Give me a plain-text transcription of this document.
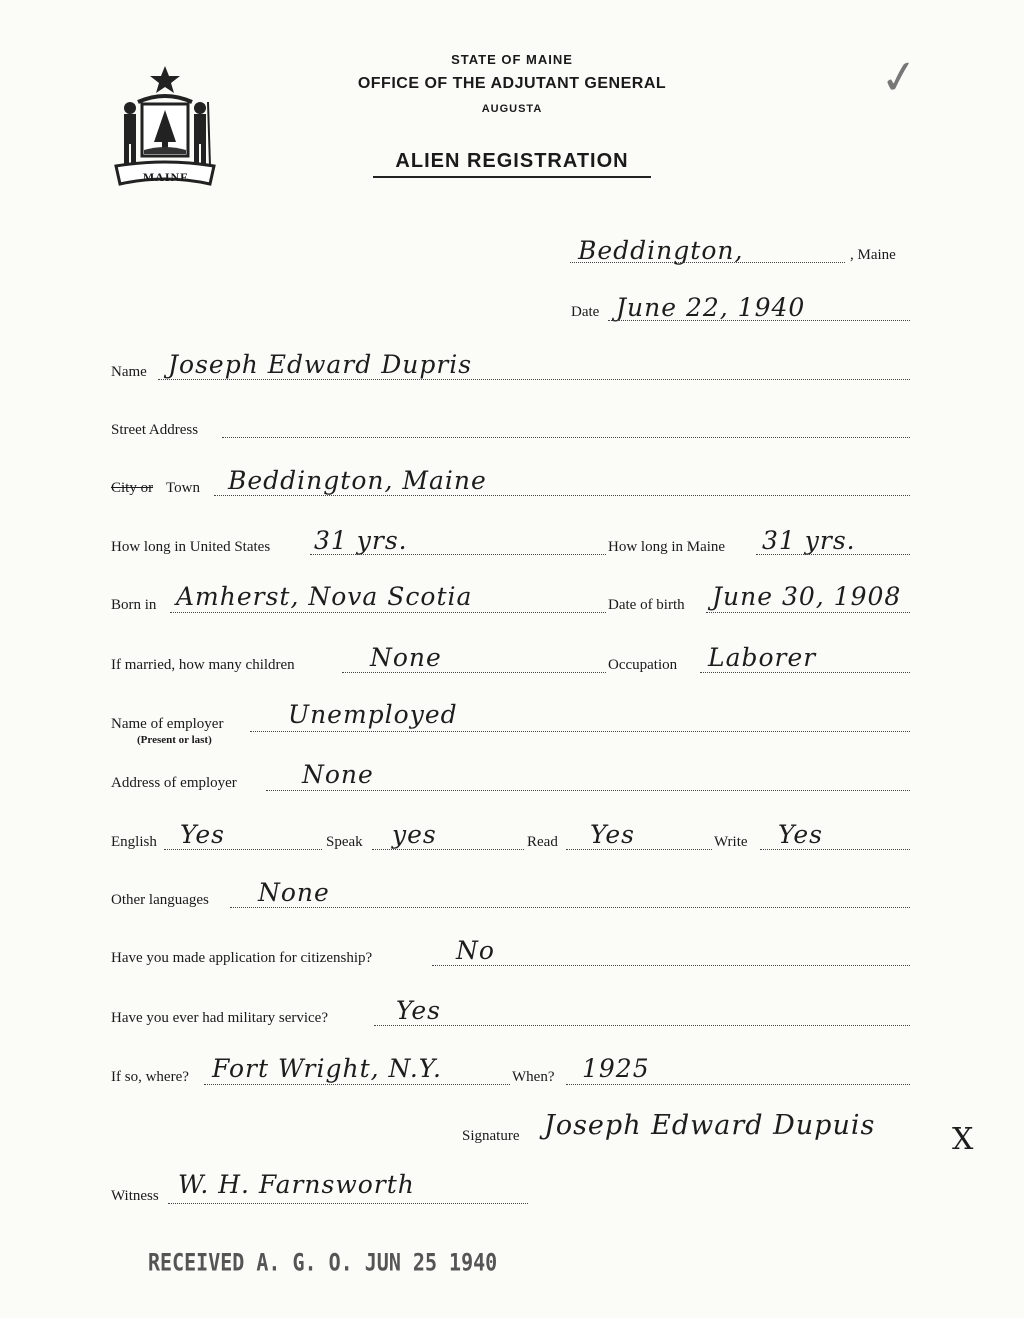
MAINE
STATE OF MAINE
OFFICE OF THE ADJUTANT GENERAL
AUGUSTA
ALIEN REGISTRATION
✓
Beddington,	, Maine
Date June 22, 1940
Name Joseph Edward Dupris
Street Address
City or Town Beddington, Maine
How long in United States 31 yrs.	How long in Maine 31 yrs.
Born in Amherst, Nova Scotia	Date of birth June 30, 1908
If married, how many children	None	Occupation Laborer
Name of employer
(Present or last)
Unemployed
Address of employer	None
English Yes	Speak yes	Read Yes	Write Yes
Other languages None
Have you made application for citizenship?	No
Have you ever had military service?	Yes
If so, where? Fort Wright, N.Y.	When? 1925
Signature Joseph Edward Dupuis	X
Witness W. H. Farnsworth
RECEIVED A. G. O. JUN 25 1940
